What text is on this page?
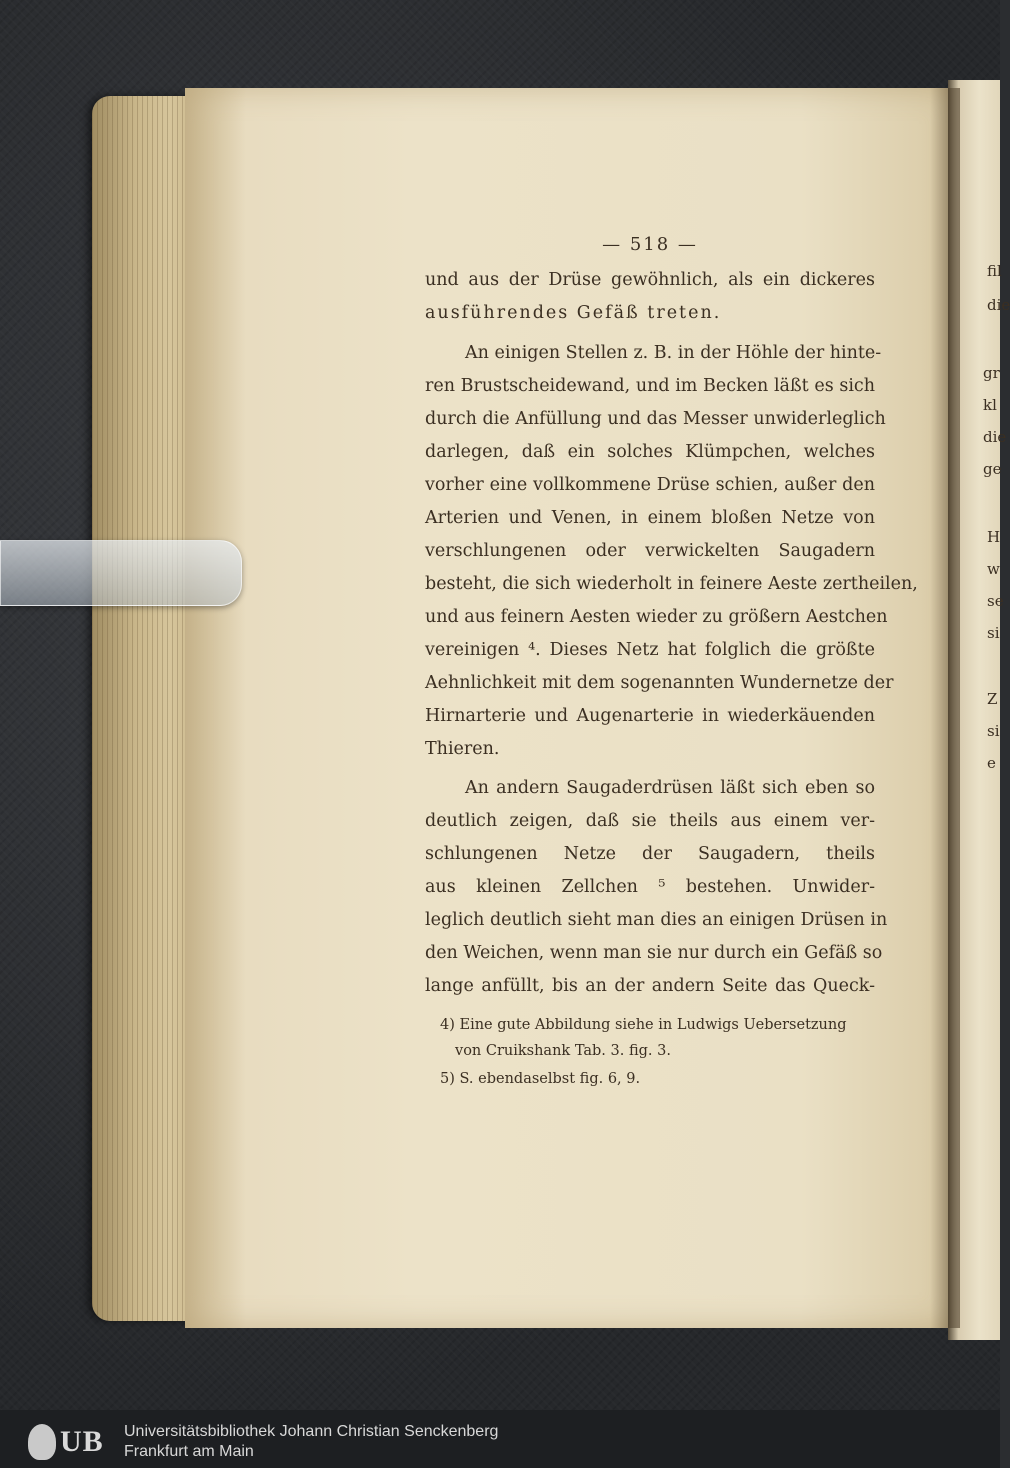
— 518 —
und aus der Drüse gewöhnlich, als ein dickeres
ausführendes Gefäß treten.
An einigen Stellen z. B. in der Höhle der hinte-
ren Brustscheidewand, und im Becken läßt es sich
durch die Anfüllung und das Messer unwiderleglich
darlegen, daß ein solches Klümpchen, welches
vorher eine vollkommene Drüse schien, außer den
Arterien und Venen, in einem bloßen Netze von
verschlungenen oder verwickelten Saugadern
besteht, die sich wiederholt in feinere Aeste zertheilen,
und aus feinern Aesten wieder zu größern Aestchen
vereinigen ⁴. Dieses Netz hat folglich die größte
Aehnlichkeit mit dem sogenannten Wundernetze der
Hirnarterie und Augenarterie in wiederkäuenden
Thieren.
An andern Saugaderdrüsen läßt sich eben so
deutlich zeigen, daß sie theils aus einem ver-
schlungenen Netze der Saugadern, theils
aus kleinen Zellchen ⁵ bestehen. Unwider-
leglich deutlich sieht man dies an einigen Drüsen in
den Weichen, wenn man sie nur durch ein Gefäß so
lange anfüllt, bis an der andern Seite das Queck-
4) Eine gute Abbildung siehe in Ludwigs Uebersetzung
von Cruikshank Tab. 3. fig. 3.
5) S. ebendaselbst fig. 6, 9.
fil
die
gr
kl
die
ge
H
w
se
si
Z
si
e
UB Universitätsbibliothek Johann Christian Senckenberg
Frankfurt am Main
